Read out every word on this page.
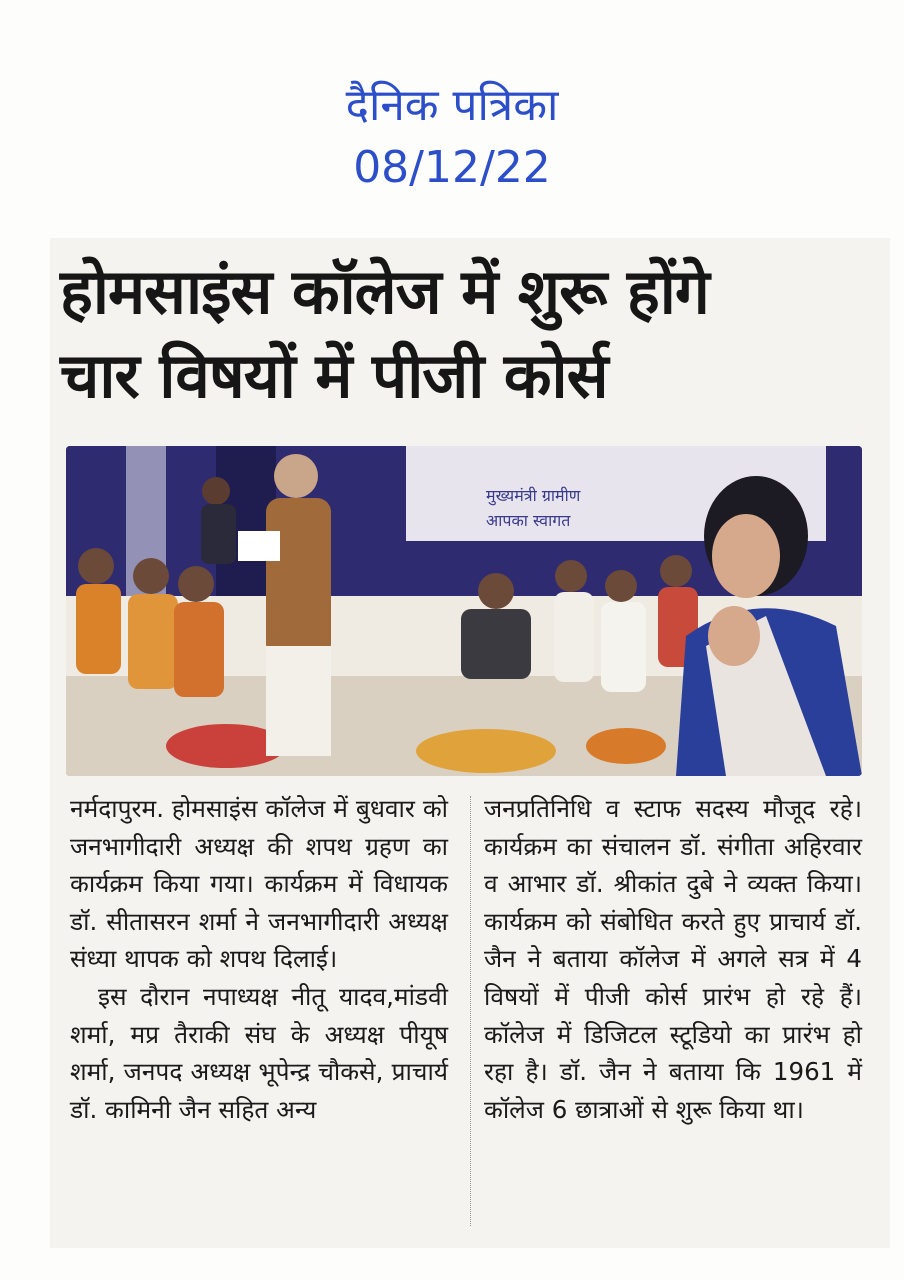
दैनिक पत्रिका
08/12/22
होमसाइंस कॉलेज में शुरू होंगे
चार विषयों में पीजी कोर्स
मुख्यमंत्री ग्रामीण
आपका स्वागत

नर्मदापुरम. होमसाइंस कॉलेज में बुधवार को जनभागीदारी अध्यक्ष की शपथ ग्रहण का कार्यक्रम किया गया। कार्यक्रम में विधायक डॉ. सीतासरन शर्मा ने जनभागीदारी अध्यक्ष संध्या थापक को शपथ दिलाई।

इस दौरान नपाध्यक्ष नीतू यादव,मांडवी शर्मा, मप्र तैराकी संघ के अध्यक्ष पीयूष शर्मा, जनपद अध्यक्ष भूपेन्द्र चौकसे, प्राचार्य डॉ. कामिनी जैन सहित अन्य

जनप्रतिनिधि व स्टाफ सदस्य मौजूद रहे। कार्यक्रम का संचालन डॉ. संगीता अहिरवार व आभार डॉ. श्रीकांत दुबे ने व्यक्त किया। कार्यक्रम को संबोधित करते हुए प्राचार्य डॉ. जैन ने बताया कॉलेज में अगले सत्र में 4 विषयों में पीजी कोर्स प्रारंभ हो रहे हैं। कॉलेज में डिजिटल स्टूडियो का प्रारंभ हो रहा है। डॉ. जैन ने बताया कि 1961 में कॉलेज 6 छात्राओं से शुरू किया था।
